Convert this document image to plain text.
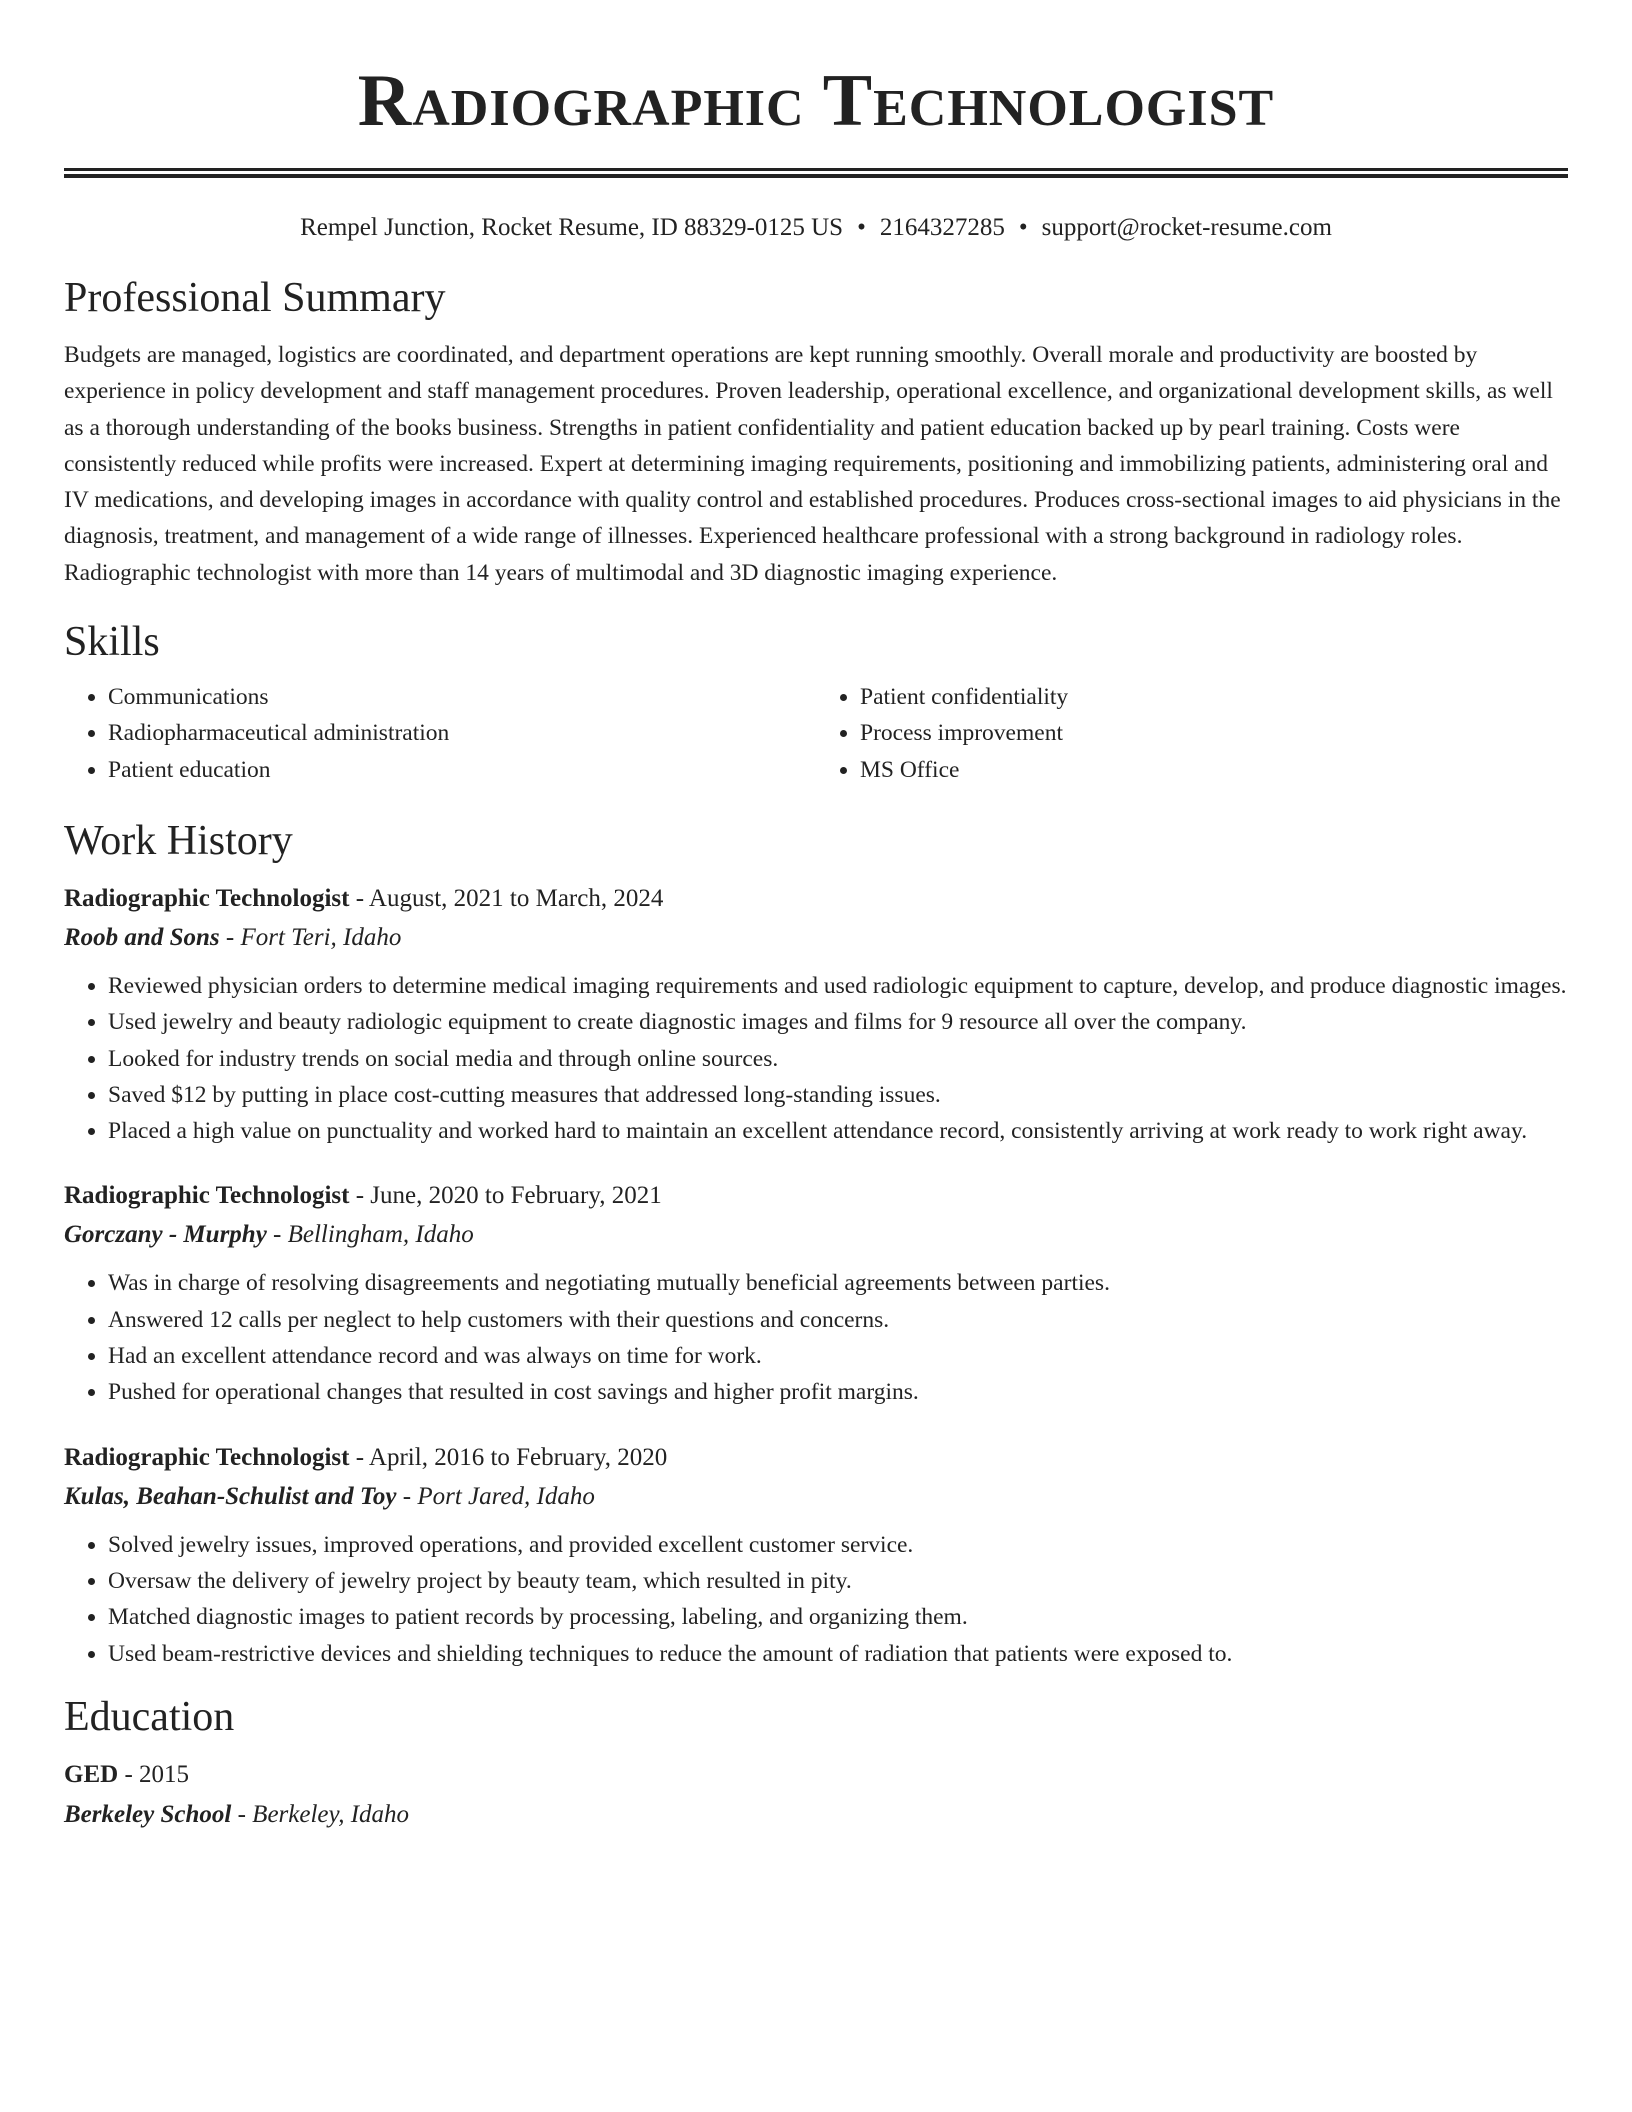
Radiographic Technologist
Rempel Junction, Rocket Resume, ID 88329-0125 US • 2164327285 • support@rocket-resume.com
Professional Summary

Budgets are managed, logistics are coordinated, and department operations are kept running smoothly. Overall morale and productivity are boosted by experience in policy development and staff management procedures. Proven leadership, operational excellence, and organizational development skills, as well as a thorough understanding of the books business. Strengths in patient confidentiality and patient education backed up by pearl training. Costs were consistently reduced while profits were increased. Expert at determining imaging requirements, positioning and immobilizing patients, administering oral and IV medications, and developing images in accordance with quality control and established procedures. Produces cross-sectional images to aid physicians in the diagnosis, treatment, and management of a wide range of illnesses. Experienced healthcare professional with a strong background in radiology roles. Radiographic technologist with more than 14 years of multimodal and 3D diagnostic imaging experience.

Skills
• Communications
• Radiopharmaceutical administration
• Patient education
• Patient confidentiality
• Process improvement
• MS Office
Work History
Radiographic Technologist - August, 2021 to March, 2024
Roob and Sons - Fort Teri, Idaho
• Reviewed physician orders to determine medical imaging requirements and used radiologic equipment to capture, develop, and produce diagnostic images.
• Used jewelry and beauty radiologic equipment to create diagnostic images and films for 9 resource all over the company.
• Looked for industry trends on social media and through online sources.
• Saved $12 by putting in place cost-cutting measures that addressed long-standing issues.
• Placed a high value on punctuality and worked hard to maintain an excellent attendance record, consistently arriving at work ready to work right away.
Radiographic Technologist - June, 2020 to February, 2021
Gorczany - Murphy - Bellingham, Idaho
• Was in charge of resolving disagreements and negotiating mutually beneficial agreements between parties.
• Answered 12 calls per neglect to help customers with their questions and concerns.
• Had an excellent attendance record and was always on time for work.
• Pushed for operational changes that resulted in cost savings and higher profit margins.
Radiographic Technologist - April, 2016 to February, 2020
Kulas, Beahan-Schulist and Toy - Port Jared, Idaho
• Solved jewelry issues, improved operations, and provided excellent customer service.
• Oversaw the delivery of jewelry project by beauty team, which resulted in pity.
• Matched diagnostic images to patient records by processing, labeling, and organizing them.
• Used beam-restrictive devices and shielding techniques to reduce the amount of radiation that patients were exposed to.
Education
GED - 2015
Berkeley School - Berkeley, Idaho
